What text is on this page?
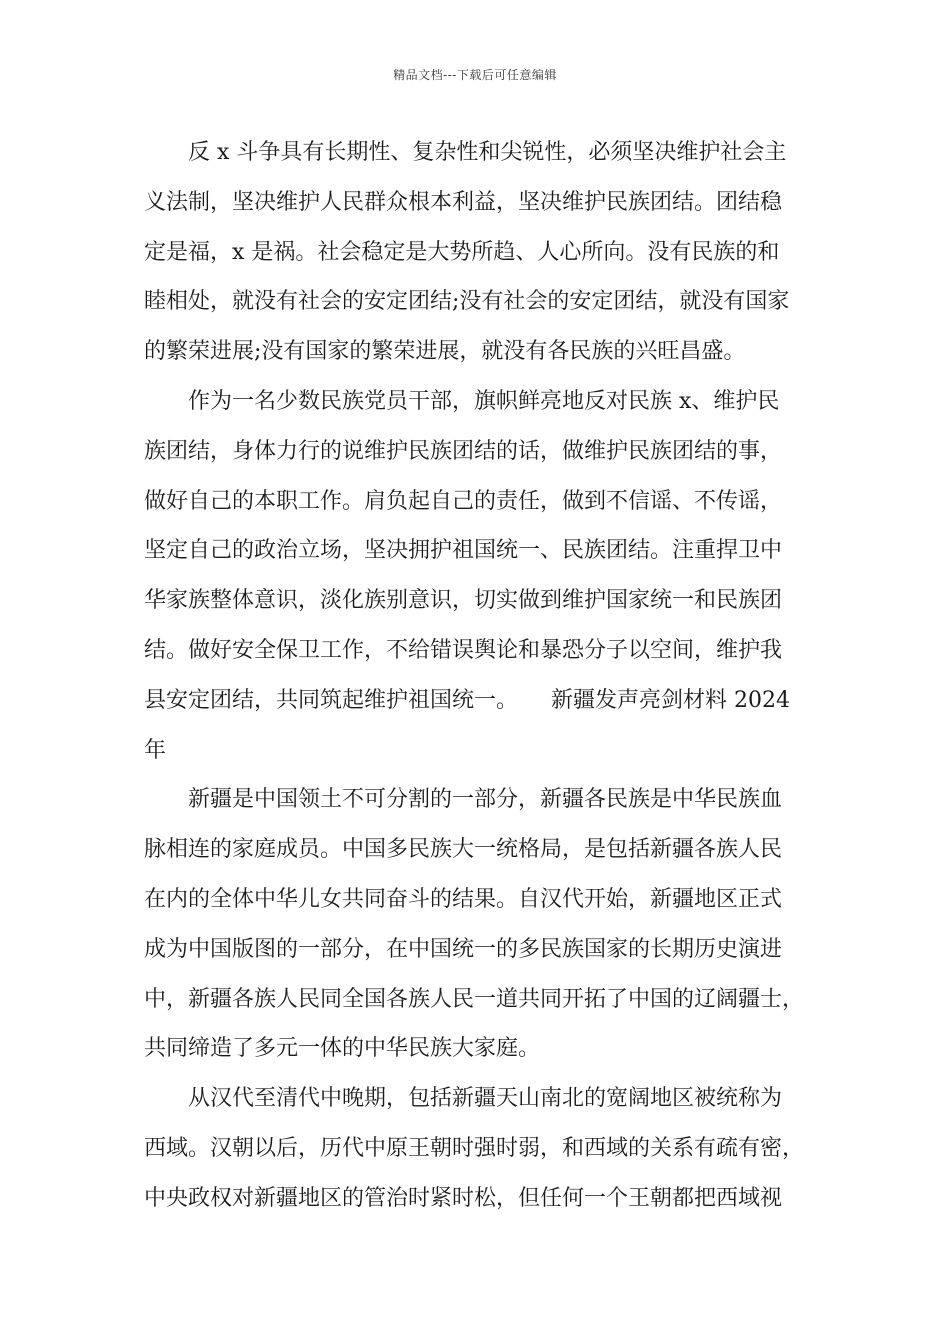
精品文档---下载后可任意编辑
反 x 斗争具有长期性、复杂性和尖锐性，必须坚决维护社会主
义法制，坚决维护人民群众根本利益，坚决维护民族团结。团结稳
定是福，x 是祸。社会稳定是大势所趋、人心所向。没有民族的和
睦相处，就没有社会的安定团结;没有社会的安定团结，就没有国家
的繁荣进展;没有国家的繁荣进展，就没有各民族的兴旺昌盛。
作为一名少数民族党员干部，旗帜鲜亮地反对民族 x、维护民
族团结，身体力行的说维护民族团结的话，做维护民族团结的事，
做好自己的本职工作。肩负起自己的责任，做到不信谣、不传谣，
坚定自己的政治立场，坚决拥护祖国统一、民族团结。注重捍卫中
华家族整体意识，淡化族别意识，切实做到维护国家统一和民族团
结。做好安全保卫工作，不给错误舆论和暴恐分子以空间，维护我
县安定团结，共同筑起维护祖国统一。　　新疆发声亮剑材料 2024
年
新疆是中国领土不可分割的一部分，新疆各民族是中华民族血
脉相连的家庭成员。中国多民族大一统格局，是包括新疆各族人民
在内的全体中华儿女共同奋斗的结果。自汉代开始，新疆地区正式
成为中国版图的一部分，在中国统一的多民族国家的长期历史演进
中，新疆各族人民同全国各族人民一道共同开拓了中国的辽阔疆士，
共同缔造了多元一体的中华民族大家庭。
从汉代至清代中晚期，包括新疆天山南北的宽阔地区被统称为
西域。汉朝以后，历代中原王朝时强时弱，和西域的关系有疏有密，
中央政权对新疆地区的管治时紧时松，但任何一个王朝都把西域视
